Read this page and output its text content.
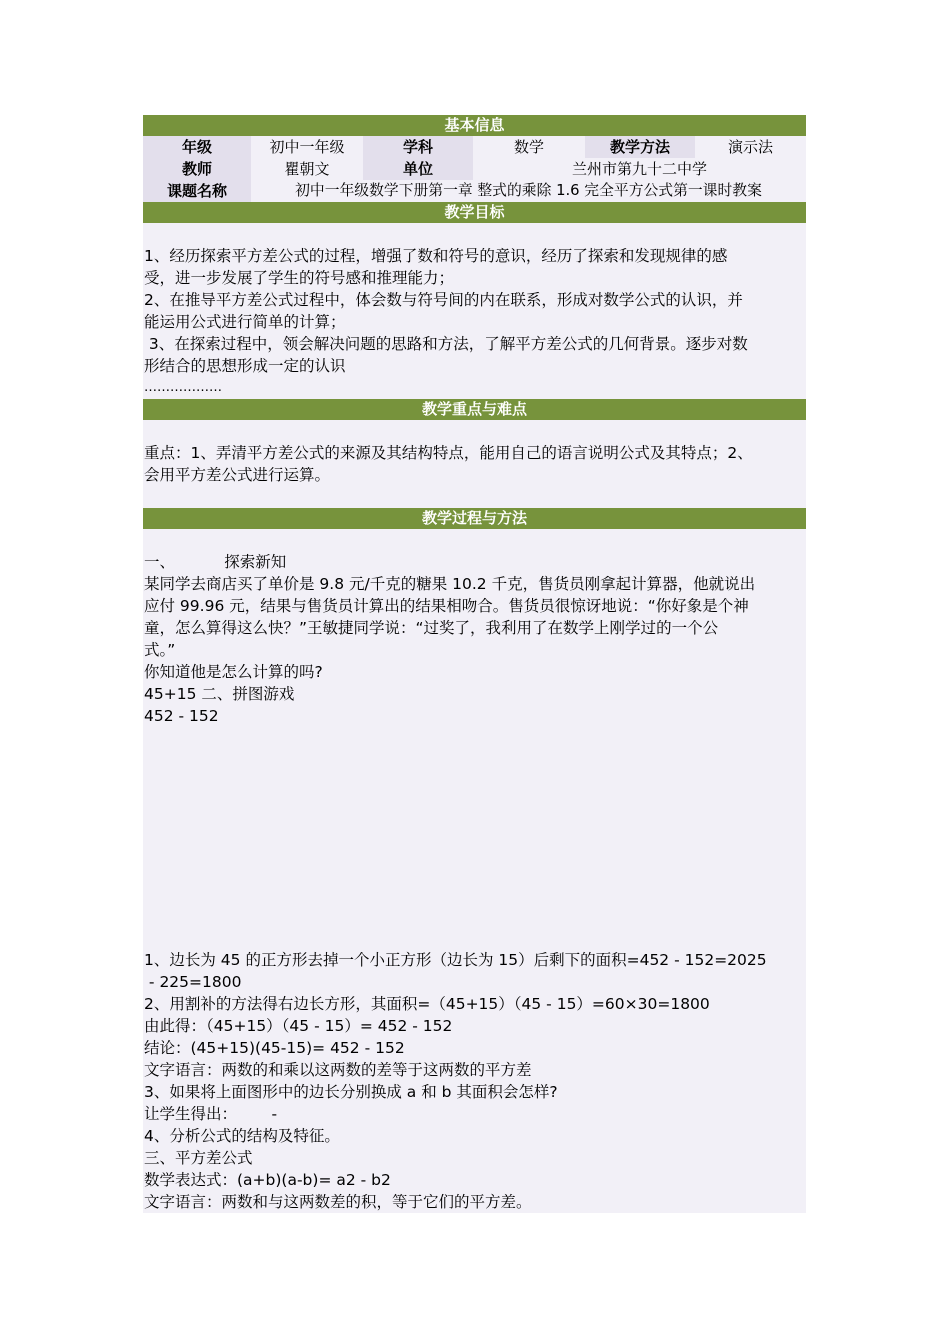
基本信息
年级	初中一年级	学科	数学	教学方法	演示法
教师	瞿朝文	单位	兰州市第九十二中学
课题名称	初中一年级数学下册第一章 整式的乘除 1.6 完全平方公式第一课时教案
教学目标

1、经历探索平方差公式的过程，增强了数和符号的意识，经历了探索和发现规律的感

受，进一步发展了学生的符号感和推理能力；

2、在推导平方差公式过程中，体会数与符号间的内在联系，形成对数学公式的认识，并

能运用公式进行简单的计算；

3、在探索过程中，领会解决问题的思路和方法，了解平方差公式的几何背景。逐步对数

形结合的思想形成一定的认识

………………

教学重点与难点

重点：1、弄清平方差公式的来源及其结构特点，能用自己的语言说明公式及其特点；2、

会用平方差公式进行运算。

教学过程与方法

一、          探索新知

某同学去商店买了单价是 9.8 元/千克的糖果 10.2 千克，售货员刚拿起计算器，他就说出

应付 99.96 元，结果与售货员计算出的结果相吻合。售货员很惊讶地说：“你好象是个神

童，怎么算得这么快？”王敏捷同学说：“过奖了，我利用了在数学上刚学过的一个公

式。”

你知道他是怎么计算的吗?

45+15 二、拼图游戏

452 - 152

1、边长为 45 的正方形去掉一个小正方形（边长为 15）后剩下的面积=452 - 152=2025

- 225=1800

2、用割补的方法得右边长方形，其面积=（45+15）（45 - 15）=60×30=1800

由此得：（45+15）（45 - 15）= 452 - 152

结论：(45+15)(45-15)= 452 - 152

文字语言：两数的和乘以这两数的差等于这两数的平方差

3、如果将上面图形中的边长分别换成 a 和 b 其面积会怎样?

让学生得出：       -

4、分析公式的结构及特征。

三、平方差公式

数学表达式：(a+b)(a-b)= a2 - b2

文字语言：两数和与这两数差的积，等于它们的平方差。
